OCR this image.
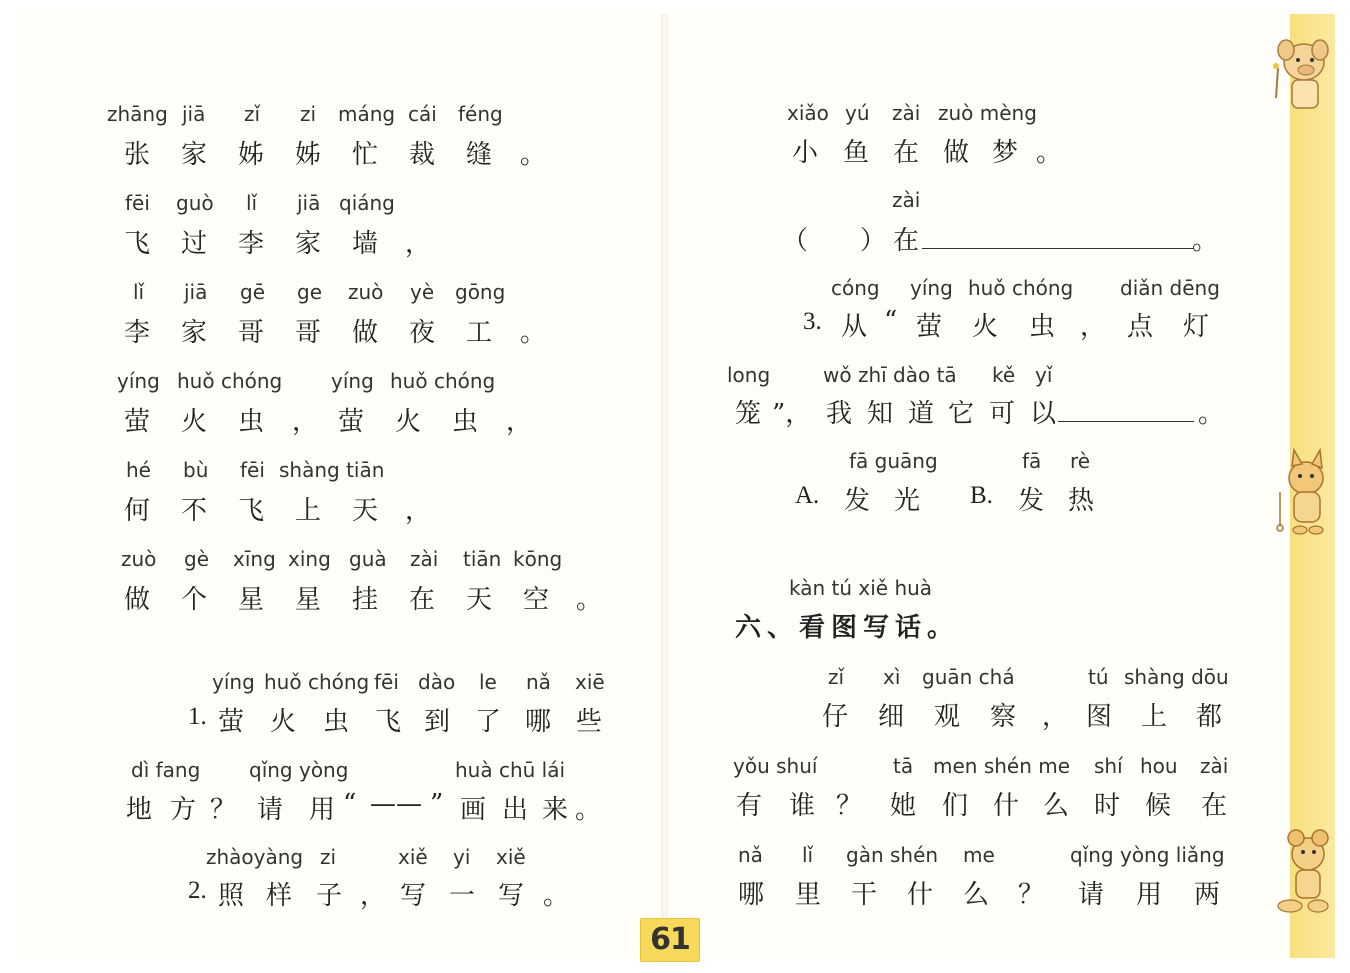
zhāng jiā zǐ zi máng cái féng
张 家 姊 姊 忙 裁 缝 。
fēi guò lǐ jiā qiáng
飞 过 李 家 墙 ，
lǐ jiā gē ge zuò yè gōng
李 家 哥 哥 做 夜 工 。
yíng huǒ chóng yíng huǒ chóng
萤 火 虫 ， 萤 火 虫 ，
hé bù fēi shàng tiān
何 不 飞 上 天 ，
zuò gè xīng xing guà zài tiān kōng
做 个 星 星 挂 在 天 空 。
yíng huǒ chóng fēi dào le nǎ xiē
1. 萤 火 虫 飞 到 了 哪 些
dì fang qǐng yòng	huà chū lái
地 方 ？ 请 用 “ —— ” 画 出 来 。
zhàoyàng zi	xiě yi xiě
2. 照 样 子 ， 写 一 写 。
xiǎo yú zài zuò mèng
小 鱼 在 做 梦 。
zài
（　　） 在	。
cóng yíng huǒ chóng diǎn dēng
3. 从 “ 萤 火 虫 ， 点 灯
long	wǒ zhī dào tā kě yǐ
笼 ”， 我 知 道 它 可 以	。
fā guāng	fā rè
A. 发 光 B. 发 热
kàn tú xiě huà
六、看图写话。
zǐ xì guān chá	tú shàng dōu
仔 细 观 察 ， 图 上 都
yǒu shuí	tā men shén me shí hou zài
有 谁 ？ 她 们 什 么 时 候 在
nǎ lǐ gàn shén me	qǐng yòng liǎng
哪 里 干 什 么 ？ 请 用 两
61
